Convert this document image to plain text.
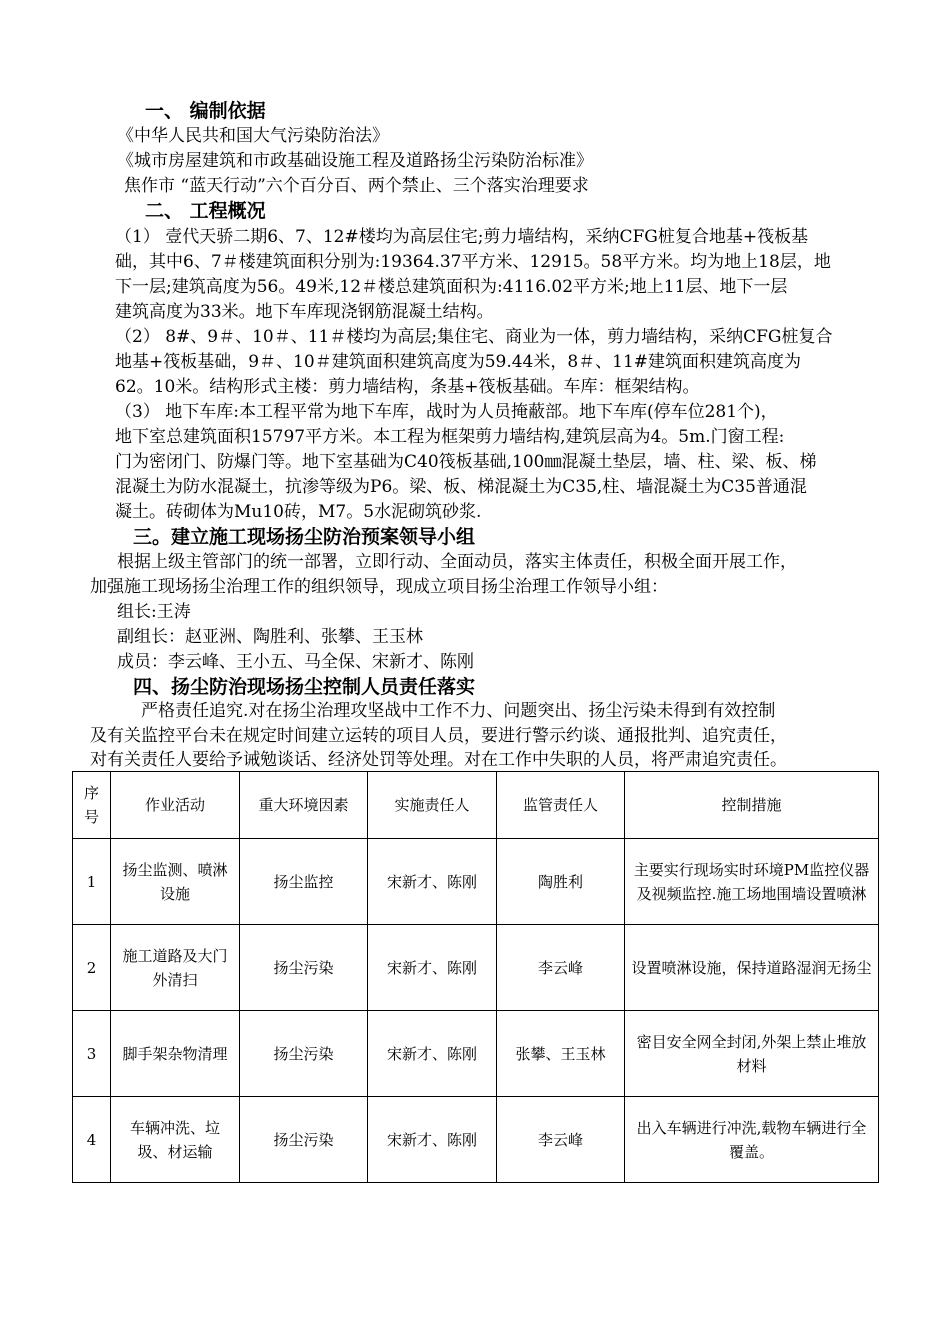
一、 编制依据
《中华人民共和国大气污染防治法》
《城市房屋建筑和市政基础设施工程及道路扬尘污染防治标准》
焦作市 “蓝天行动”六个百分百、两个禁止、三个落实治理要求
二、 工程概况
（1） 壹代天骄二期6、7、12#楼均为高层住宅;剪力墙结构，采纳CFG桩复合地基+筏板基
础，其中6、7＃楼建筑面积分别为:19364.37平方米、12915。58平方米。均为地上18层，地
下一层;建筑高度为56。49米,12＃楼总建筑面积为:4116.02平方米;地上11层、地下一层
建筑高度为33米。地下车库现浇钢筋混凝土结构。
（2） 8#、9＃、10＃、11＃楼均为高层;集住宅、商业为一体，剪力墙结构，采纳CFG桩复合
地基+筏板基础，9＃、10＃建筑面积建筑高度为59.44米，8＃、11#建筑面积建筑高度为
62。10米。结构形式主楼：剪力墙结构，条基+筏板基础。车库：框架结构。
（3） 地下车库:本工程平常为地下车库，战时为人员掩蔽部。地下车库(停车位281个)，
地下室总建筑面积15797平方米。本工程为框架剪力墙结构,建筑层高为4。5m.门窗工程:
门为密闭门、防爆门等。地下室基础为C40筏板基础,100㎜混凝土垫层，墙、柱、梁、板、梯
混凝土为防水混凝土，抗渗等级为P6。梁、板、梯混凝土为C35,柱、墙混凝土为C35普通混
凝土。砖砌体为Mu10砖，M7。5水泥砌筑砂浆.
三。建立施工现场扬尘防治预案领导小组
根据上级主管部门的统一部署，立即行动、全面动员，落实主体责任，积极全面开展工作，
加强施工现场扬尘治理工作的组织领导，现成立项目扬尘治理工作领导小组：
组长:王涛
副组长：赵亚洲、陶胜利、张攀、王玉林
成员：李云峰、王小五、马全保、宋新才、陈刚
四、扬尘防治现场扬尘控制人员责任落实
严格责任追究.对在扬尘治理攻坚战中工作不力、问题突出、扬尘污染未得到有效控制
及有关监控平台未在规定时间建立运转的项目人员，要进行警示约谈、通报批判、追究责任，
对有关责任人要给予诫勉谈话、经济处罚等处理。对在工作中失职的人员，将严肃追究责任。
序号	作业活动	重大环境因素	实施责任人	监管责任人	控制措施
1	扬尘监测、喷淋设施	扬尘监控	宋新才、陈刚	陶胜利	主要实行现场实时环境PM监控仪器及视频监控.施工场地围墙设置喷淋
2	施工道路及大门外清扫	扬尘污染	宋新才、陈刚	李云峰	设置喷淋设施，保持道路湿润无扬尘
3	脚手架杂物清理	扬尘污染	宋新才、陈刚	张攀、王玉林	密目安全网全封闭,外架上禁止堆放材料
4	车辆冲洗、垃圾、材运输	扬尘污染	宋新才、陈刚	李云峰	出入车辆进行冲洗,载物车辆进行全覆盖。
